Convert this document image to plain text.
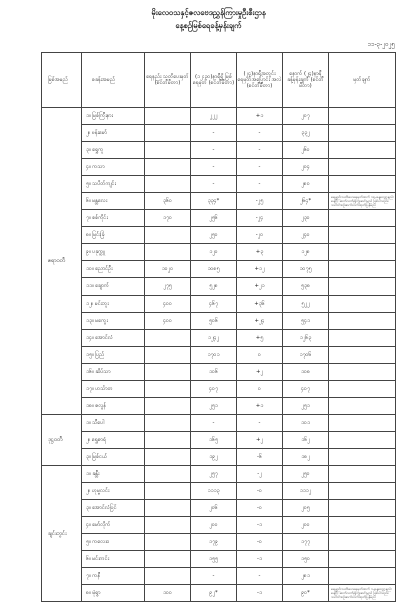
မိုးလေဝသနှင့်ဇလဗေဒညွှန်ကြားမှုဦးစီးဌာန
နေ့စဉ်မြစ်ရေခန့်မှန်းချက်
၁၁-၃-၂၀၂၅
မြစ်အမည်	စခန်းအမည်	ရေနည်း သတိပေးမှတ် (စင်တီမီတာ)	(၁၂:၃၀)နာရီရှိ မြစ်ရေမှတ် (စင်တီမီတာ)	(၂၄)နာရီအတွင်း ရေမှတ်အပြောင်း အလဲ (စင်တီမီတာ)	နောက် (၂၄)နာရီ ခန့်မှန်းချက် (စင်တီမီတာ)	မှတ်ချက်
ဧရာဝတီ	၁။ မြစ်ကြီးနား		၂၂၂	+၁	၂၀၇	
	၂။ ဗန်းမော်		-	-	၃၃၂	
	၃။ ရွှေကူ		-	-	၂၆၀	
	၄။ ကသာ		-	-	၂၀၄	
	၅။ သပိတ်ကျင်း		-	-	၂၈၀	
	၆။ မန္တလေး	၃၆၀	၃၃၄*	-၂၅	၂၆၄*	ရေနည်းသတိပေးရေမှတ်ထက် ၁၈-နေ့လျှော့နည်းနေပြီး ဆက်လက်၍ကျဆင်းမည် ဖြစ်ပါသည်။ သတင်းစဉ်ဆက်လက်ထုတ်ပြန်မည်
	၇။ စစ်ကိုင်း	၁၇၀	၂၅၆	-၂၄	၂၃၀	
	၈။ မြင်းခြံ		၂၅၀	-၂၀	၂၄၀	
	၉။ ပခုက္ကူ		၁၂၀	+၃	၁၂၈	
	၁၀။ ညောင်ဦး	၁၀၂၀	၁၀၈၅	+၁၂	၁၀၇၅	
	၁၁။ ချောက်	၂၇၅	၅၂၈	+၂၁	၅၃၈	
	၁၂။ မင်းဘူး	၄၀၀	၄၆၇	+၃၆	၅၂၂	
	၁၃။ မကွေး	၄၀၀	၅၀၆	+၂၄	၅၄၁	
	၁၄။ အောင်လံ		၁၂၄၂	+၅	၁၂၆၃	
	၁၅။ ပြည်		၁၇၀၁	၀	၁၇၀၆	
	၁၆။ ဆိပ်သာ		၁၀၆	+၂	၁၀၈	
	၁၇။ ဟင်္သာတ		၄၀၇	၀	၄၀၇	
	၁၈။ ဇလွန်		၂၅၁	+၁	၂၅၁	
ဒုဋ္ဌဝတီ	၁။ သီပေါ		-	-	၁၀၁	
	၂။ ရွှေစာရံ		၁၆၅	+၂	၁၆၂	
	၃။ မြစ်ငယ်		၁၉၂	-၆	၁၈၂	
ချင်းတွင်း	၁။ ခန္တီး		၂၅၇	-၂	၂၅၀	
	၂။ ဟုမ္မလင်း		၁၁၁၃	-၀	၁၁၁၂	
	၃။ အောင်လံပြင်		၂၀၆	-၀	၂၀၅	
	၄။ မော်လိုက်		၂၀၀	-၁	၂၀၀	
	၅။ ကလေးဝ		၁၇၉	-၀	၁၇၇	
	၆။ မင်းကင်း		၁၅၅	-၁	၁၅၀	
	၇။ ကနီ		-	-	၂၈၁	
	၈။ မုံရွာ	၁၀၀	၉၂*	-၁	၉၀*	ရေနည်းသတိပေးရေမှတ်ထက် ၁-နေ့လျှော့နည်းနေပြီး ဆက်လက်၍ကျဆင်းမည် ဖြစ်ပါသည်။ သတင်းစဉ်ဆက်လက်ထုတ်ပြန်မည်
